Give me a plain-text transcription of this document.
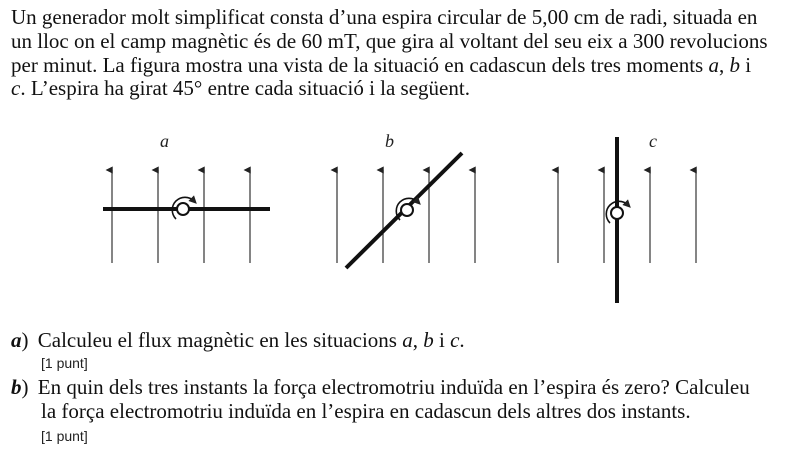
Un generador molt simplificat consta d’una espira circular de 5,00 cm de radi, situada en
un lloc on el camp magnètic és de 60 mT, que gira al voltant del seu eix a 300 revolucions
per minut. La figura mostra una vista de la situació en cadascun dels tres moments a, b i
c. L’espira ha girat 45° entre cada situació i la següent.
a	b	c
a) Calculeu el flux magnètic en les situacions a, b i c.
[1 punt]
b) En quin dels tres instants la força electromotriu induïda en l’espira és zero? Calculeu
la força electromotriu induïda en l’espira en cadascun dels altres dos instants.
[1 punt]
